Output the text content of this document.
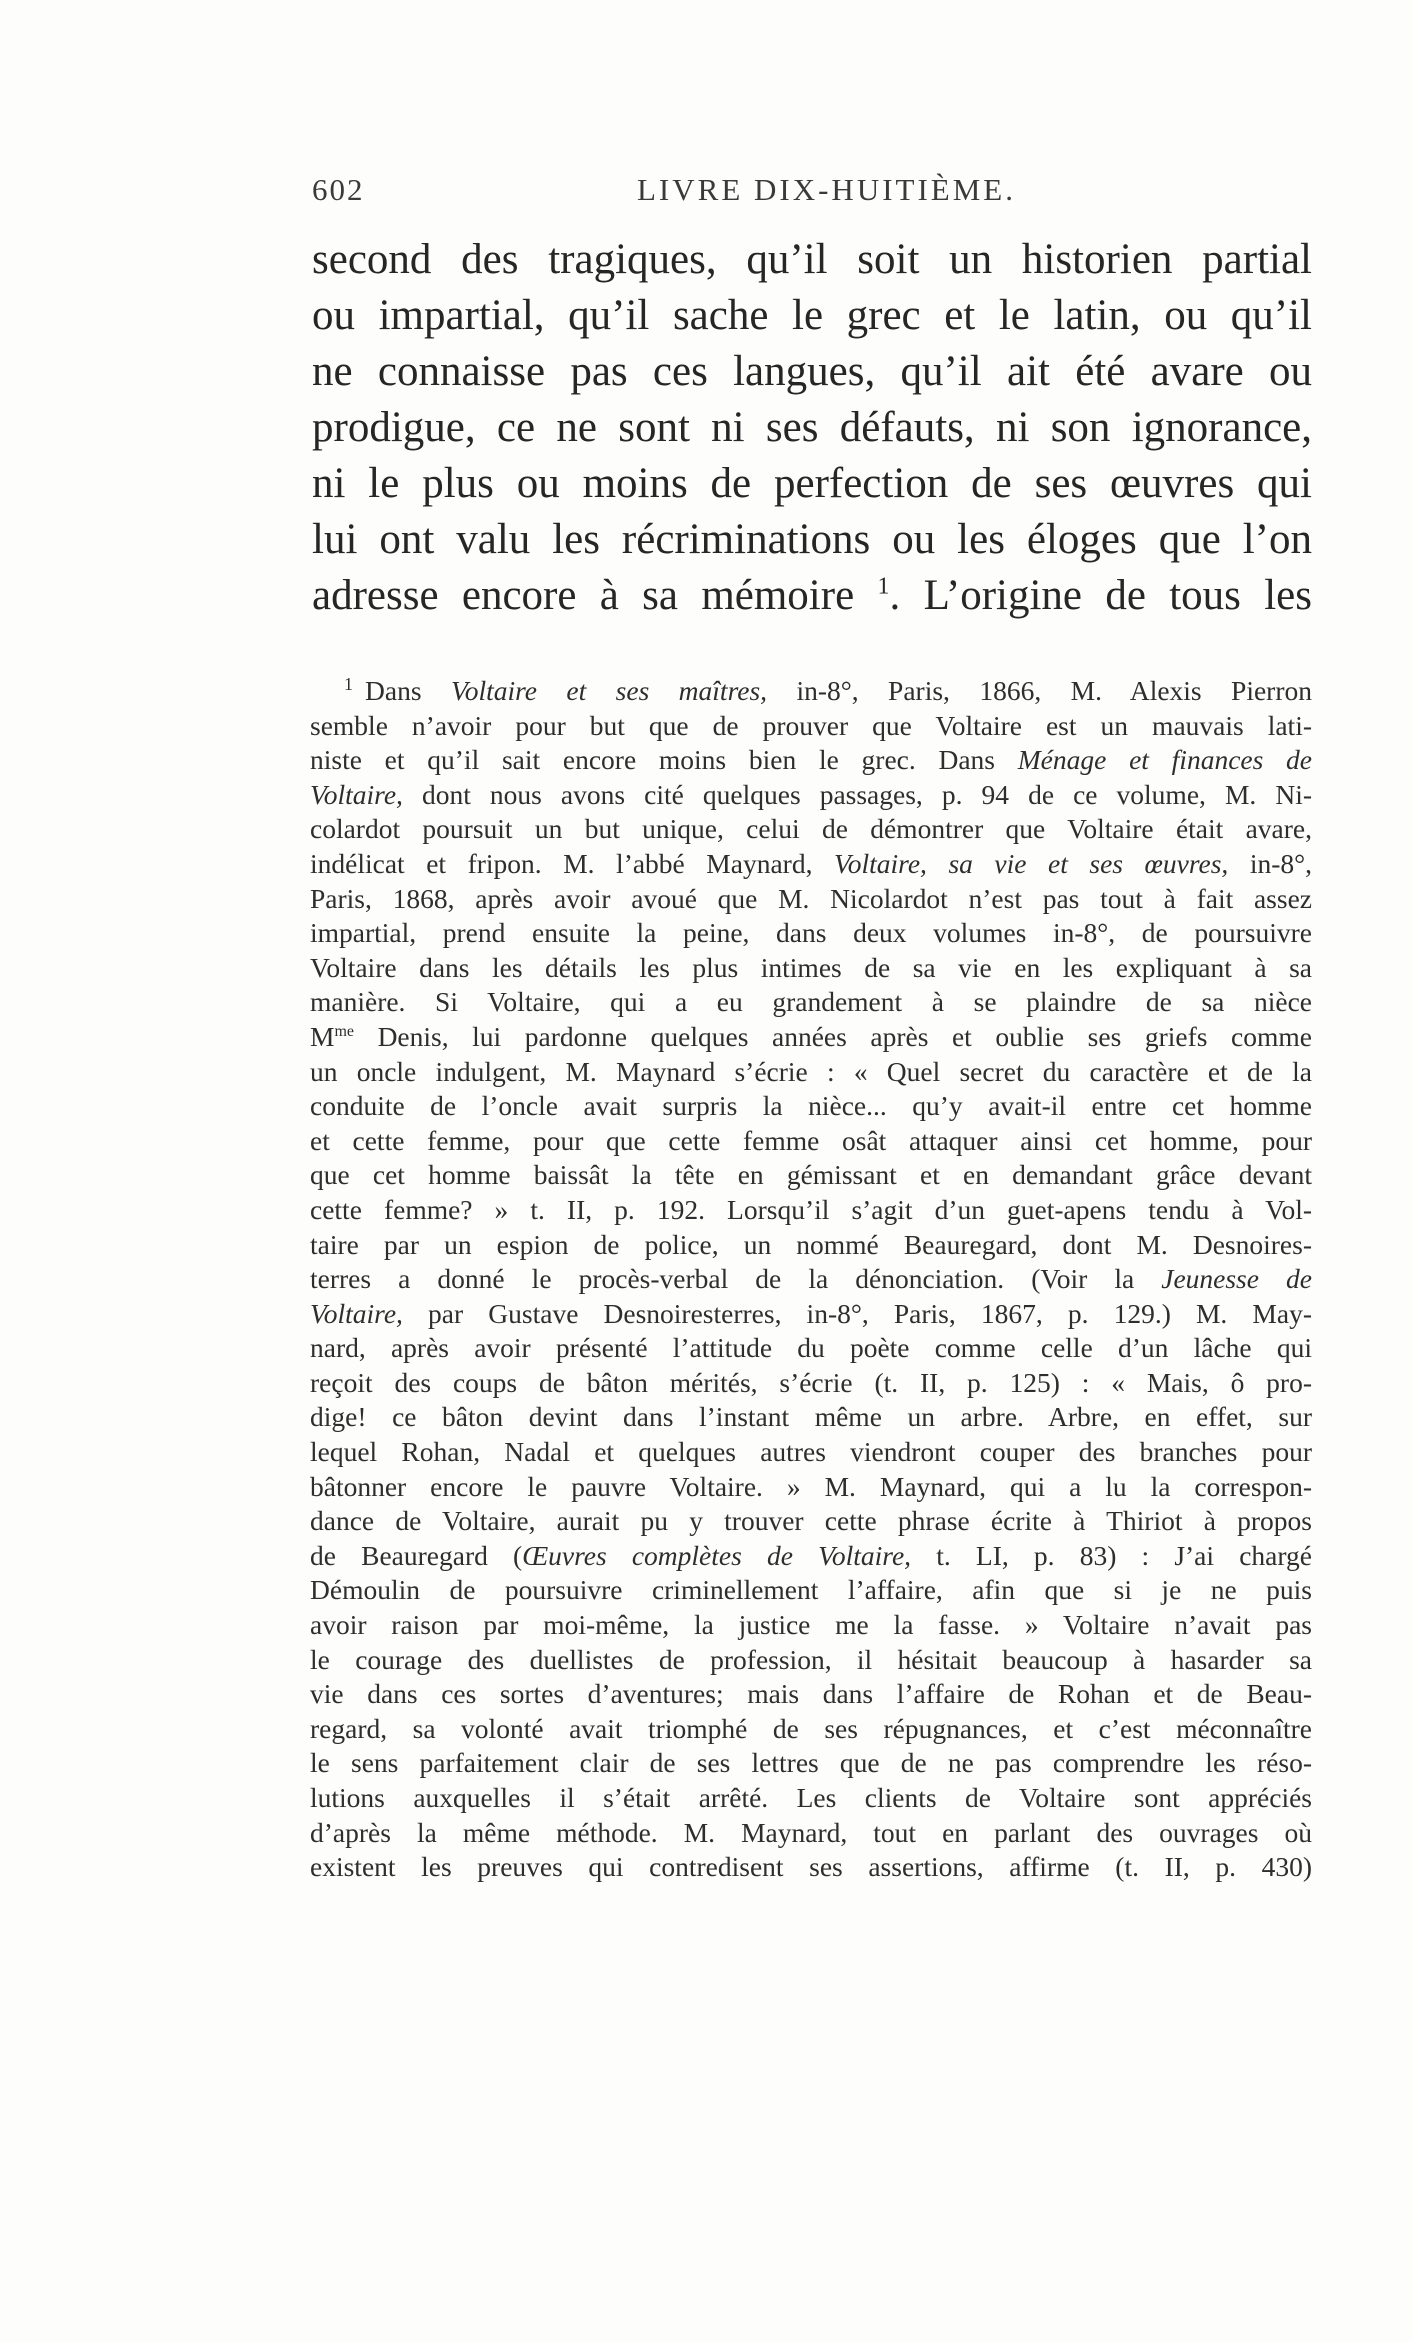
602	LIVRE DIX-HUITIÈME.
second des tragiques, qu’il soit un historien partial
ou impartial, qu’il sache le grec et le latin, ou qu’il
ne connaisse pas ces langues, qu’il ait été avare ou
prodigue, ce ne sont ni ses défauts, ni son ignorance,
ni le plus ou moins de perfection de ses œuvres qui
lui ont valu les récriminations ou les éloges que l’on
adresse encore à sa mémoire $^1$. L’origine de tous les
$^1$ Dans Voltaire et ses maîtres, in-8°, Paris, 1866, M. Alexis Pierron
semble n’avoir pour but que de prouver que Voltaire est un mauvais lati-
niste et qu’il sait encore moins bien le grec. Dans Ménage et finances de
Voltaire, dont nous avons cité quelques passages, p. 94 de ce volume, M. Ni-
colardot poursuit un but unique, celui de démontrer que Voltaire était avare,
indélicat et fripon. M. l’abbé Maynard, Voltaire, sa vie et ses œuvres, in-8°,
Paris, 1868, après avoir avoué que M. Nicolardot n’est pas tout à fait assez
impartial, prend ensuite la peine, dans deux volumes in-8°, de poursuivre
Voltaire dans les détails les plus intimes de sa vie en les expliquant à sa
manière. Si Voltaire, qui a eu grandement à se plaindre de sa nièce
$M^{me}$ Denis, lui pardonne quelques années après et oublie ses griefs comme
un oncle indulgent, M. Maynard s’écrie : « Quel secret du caractère et de la
conduite de l’oncle avait surpris la nièce... qu’y avait-il entre cet homme
et cette femme, pour que cette femme osât attaquer ainsi cet homme, pour
que cet homme baissât la tête en gémissant et en demandant grâce devant
cette femme? » t. II, p. 192. Lorsqu’il s’agit d’un guet-apens tendu à Vol-
taire par un espion de police, un nommé Beauregard, dont M. Desnoires-
terres a donné le procès-verbal de la dénonciation. (Voir la Jeunesse de
Voltaire, par Gustave Desnoiresterres, in-8°, Paris, 1867, p. 129.) M. May-
nard, après avoir présenté l’attitude du poète comme celle d’un lâche qui
reçoit des coups de bâton mérités, s’écrie (t. II, p. 125) : « Mais, ô pro-
dige! ce bâton devint dans l’instant même un arbre. Arbre, en effet, sur
lequel Rohan, Nadal et quelques autres viendront couper des branches pour
bâtonner encore le pauvre Voltaire. » M. Maynard, qui a lu la correspon-
dance de Voltaire, aurait pu y trouver cette phrase écrite à Thiriot à propos
de Beauregard (Œuvres complètes de Voltaire, t. LI, p. 83) : J’ai chargé
Démoulin de poursuivre criminellement l’affaire, afin que si je ne puis
avoir raison par moi-même, la justice me la fasse. » Voltaire n’avait pas
le courage des duellistes de profession, il hésitait beaucoup à hasarder sa
vie dans ces sortes d’aventures; mais dans l’affaire de Rohan et de Beau-
regard, sa volonté avait triomphé de ses répugnances, et c’est méconnaître
le sens parfaitement clair de ses lettres que de ne pas comprendre les réso-
lutions auxquelles il s’était arrêté. Les clients de Voltaire sont appréciés
d’après la même méthode. M. Maynard, tout en parlant des ouvrages où
existent les preuves qui contredisent ses assertions, affirme (t. II, p. 430)
